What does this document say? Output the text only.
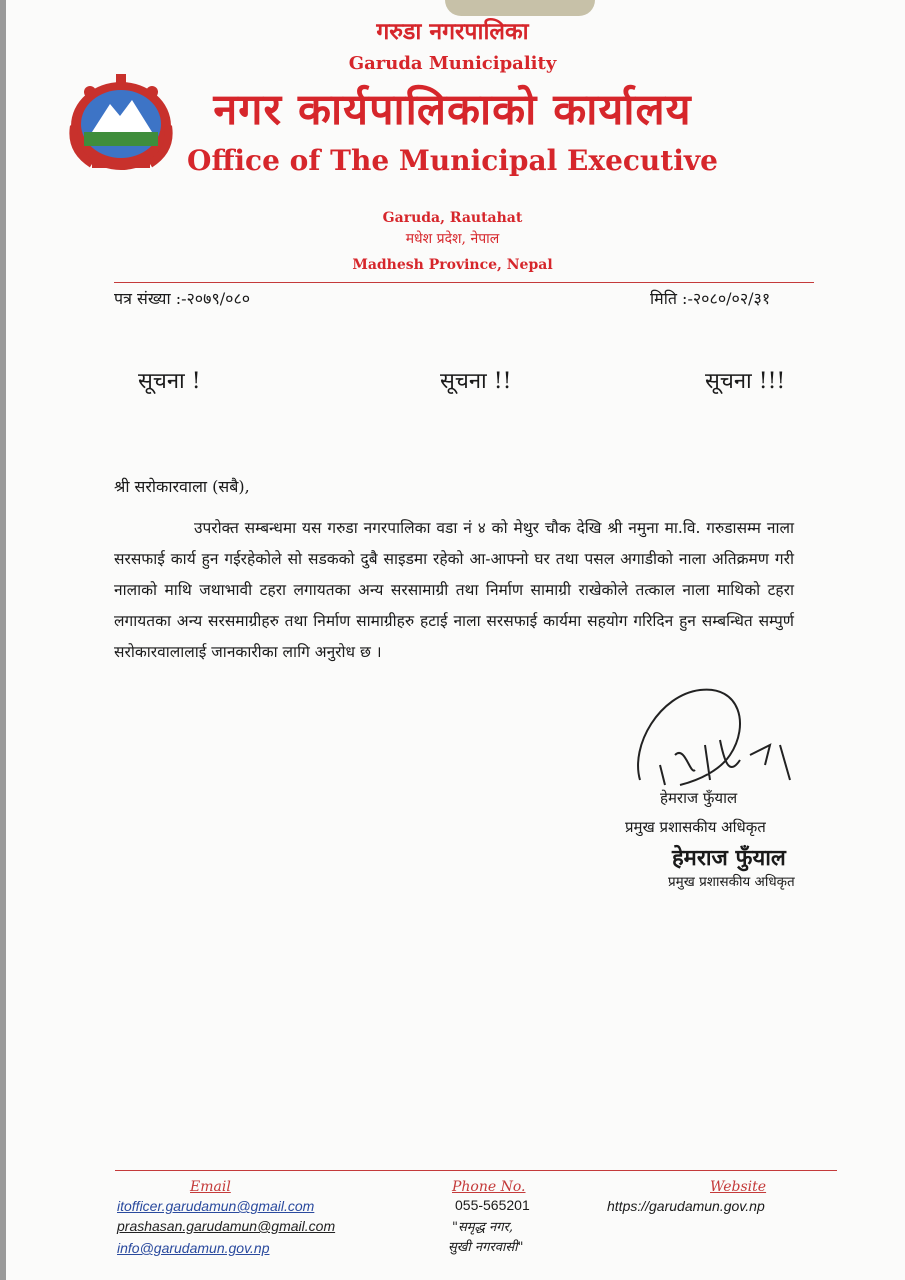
गरुडा नगरपालिका
Garuda Municipality
नगर कार्यपालिकाको कार्यालय
Office of The Municipal Executive
Garuda, Rautahat
मधेश प्रदेश, नेपाल
Madhesh Province, Nepal
पत्र संख्या :-२०७९/०८०	मिति :-२०८०/०२/३१
सूचना !	सूचना !!	सूचना !!!
श्री सरोकारवाला (सबै),
उपरोक्त सम्बन्धमा यस गरुडा नगरपालिका वडा नं ४ को मेथुर चौक देखि श्री नमुना मा.वि. गरुडासम्म नाला सरसफाई कार्य हुन गईरहेकोले सो सडकको दुबै साइडमा रहेको आ-आफ्नो घर तथा पसल अगाडीको नाला अतिक्रमण गरी नालाको माथि जथाभावी टहरा लगायतका अन्य सरसामाग्री तथा निर्माण सामाग्री राखेकोले तत्काल नाला माथिको टहरा लगायतका अन्य सरसमाग्रीहरु तथा निर्माण सामाग्रीहरु हटाई नाला सरसफाई कार्यमा सहयोग गरिदिन हुन सम्बन्धित सम्पुर्ण सरोकारवालालाई जानकारीका लागि अनुरोध छ ।
हेमराज फुँयाल
प्रमुख प्रशासकीय अधिकृत
हेमराज फुँयाल
प्रमुख प्रशासकीय अधिकृत
Email	Phone No.	Website
itofficer.garudamun@gmail.com
prashasan.garudamun@gmail.com
info@garudamun.gov.np
055-565201
"समृद्ध नगर,
सुखी नगरवासी"
https://garudamun.gov.np
